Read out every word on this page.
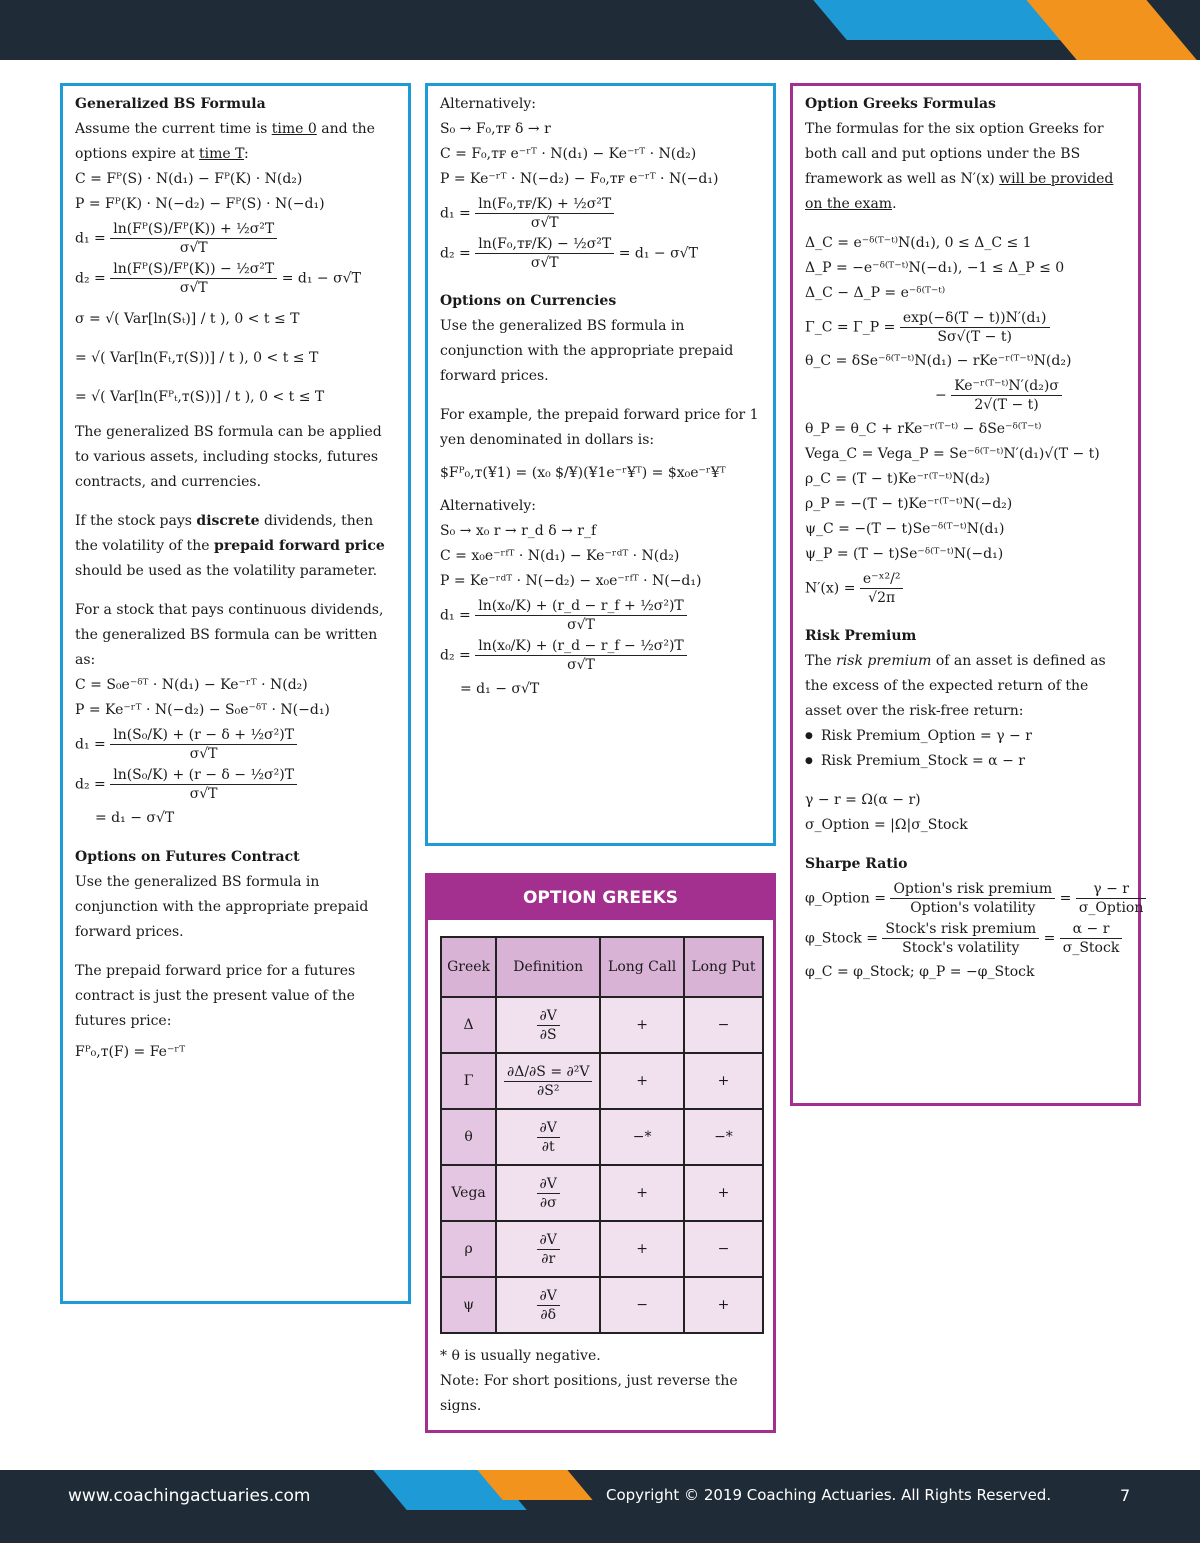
Generalized BS Formula

Assume the current time is time 0 and the options expire at time T:

C = Fᴾ(S) · N(d₁) − Fᴾ(K) · N(d₂)

P = Fᴾ(K) · N(−d₂) − Fᴾ(S) · N(−d₁)

$d_1 = \frac{\text{ln(Fᴾ(S)/Fᴾ(K)) + ½σ²T}}{\sigma√T}$
$d_2 = \frac{\text{ln(Fᴾ(S)/Fᴾ(K)) − ½σ²T}}{\sigma√T} = d_1 - \sigma√T$

σ = √( Var[ln(Sₜ)] / t ), 0 < t ≤ T

= √( Var[ln(Fₜ,ᴛ(S))] / t ), 0 < t ≤ T

= √( Var[ln(Fᴾₜ,ᴛ(S))] / t ), 0 < t ≤ T

The generalized BS formula can be applied to various assets, including stocks, futures contracts, and currencies.

If the stock pays discrete dividends, then the volatility of the prepaid forward price should be used as the volatility parameter.

For a stock that pays continuous dividends, the generalized BS formula can be written as:

C = S₀e⁻ᵟᵀ · N(d₁) − Ke⁻ʳᵀ · N(d₂)

P = Ke⁻ʳᵀ · N(−d₂) − S₀e⁻ᵟᵀ · N(−d₁)

$d_1 = \frac{\text{ln(S₀/K) + (r − δ + ½σ²)T}}{\sigma√T}$
$d_2 = \frac{\text{ln(S₀/K) + (r − δ − ½σ²)T}}{\sigma√T}$

= d₁ − σ√T

Options on Futures Contract

Use the generalized BS formula in conjunction with the appropriate prepaid forward prices.

The prepaid forward price for a futures contract is just the present value of the futures price:

Fᴾ₀,ᴛ(F) = Fe⁻ʳᵀ

Alternatively:

S₀ → F₀,ᴛꜰ δ → r

C = F₀,ᴛꜰ e⁻ʳᵀ · N(d₁) − Ke⁻ʳᵀ · N(d₂)

P = Ke⁻ʳᵀ · N(−d₂) − F₀,ᴛꜰ e⁻ʳᵀ · N(−d₁)

$d_1 = \frac{\text{ln(F₀,ᴛꜰ/K) + ½σ²T}}{\sigma√T}$
$d_2 = \frac{\text{ln(F₀,ᴛꜰ/K) − ½σ²T}}{\sigma√T} = d_1 - \sigma√T$

Options on Currencies

Use the generalized BS formula in conjunction with the appropriate prepaid forward prices.

For example, the prepaid forward price for 1 yen denominated in dollars is:

$Fᴾ₀,ᴛ(¥1) = (x₀ $/¥)(¥1e⁻ʳ¥ᵀ) = $x₀e⁻ʳ¥ᵀ

Alternatively:

S₀ → x₀ r → r_d δ → r_f

C = x₀e⁻ʳᶠᵀ · N(d₁) − Ke⁻ʳᵈᵀ · N(d₂)

P = Ke⁻ʳᵈᵀ · N(−d₂) − x₀e⁻ʳᶠᵀ · N(−d₁)

$d_1 = \frac{\text{ln(x₀/K) + (r\_d − r\_f + ½σ²)T}}{\sigma√T}$
$d_2 = \frac{\text{ln(x₀/K) + (r\_d − r\_f − ½σ²)T}}{\sigma√T}$

= d₁ − σ√T

OPTION GREEKS
Greek	Definition	Long Call	Long Put
Δ	$\frac{\partial V}{\partial S}$	+	−
Γ	$\frac{\text{∂Δ/∂S = ∂²V}}{\text{∂S²}}$	+	+
θ	$\frac{\partial V}{\partial t}$	−*	−*
Vega	$\frac{\partial V}{\partial\sigma}$	+	+
ρ	$\frac{\partial V}{\partial r}$	+	−
ψ	$\frac{\partial V}{\partial\delta}$	−	+

* θ is usually negative.

Note: For short positions, just reverse the signs.

Option Greeks Formulas

The formulas for the six option Greeks for both call and put options under the BS framework as well as N′(x) will be provided on the exam.

Δ_C = e⁻ᵟ⁽ᵀ⁻ᵗ⁾N(d₁), 0 ≤ Δ_C ≤ 1

Δ_P = −e⁻ᵟ⁽ᵀ⁻ᵗ⁾N(−d₁), −1 ≤ Δ_P ≤ 0

Δ_C − Δ_P = e⁻ᵟ⁽ᵀ⁻ᵗ⁾

Γ_C = Γ_P = $\frac{\text{exp(−δ(T − t))N′(d₁)}}{S\sigma√(T - t)}$

θ_C = δSe⁻ᵟ⁽ᵀ⁻ᵗ⁾N(d₁) − rKe⁻ʳ⁽ᵀ⁻ᵗ⁾N(d₂)

− $\frac{\text{Ke⁻ʳ⁽ᵀ⁻ᵗ⁾N′(d₂)σ}}{2√(T - t)}$

θ_P = θ_C + rKe⁻ʳ⁽ᵀ⁻ᵗ⁾ − δSe⁻ᵟ⁽ᵀ⁻ᵗ⁾

Vega_C = Vega_P = Se⁻ᵟ⁽ᵀ⁻ᵗ⁾N′(d₁)√(T − t)

ρ_C = (T − t)Ke⁻ʳ⁽ᵀ⁻ᵗ⁾N(d₂)

ρ_P = −(T − t)Ke⁻ʳ⁽ᵀ⁻ᵗ⁾N(−d₂)

ψ_C = −(T − t)Se⁻ᵟ⁽ᵀ⁻ᵗ⁾N(d₁)

ψ_P = (T − t)Se⁻ᵟ⁽ᵀ⁻ᵗ⁾N(−d₁)

$N'(x) = \frac{\text{e⁻ˣ²/²}}{√2\pi}$

Risk Premium

The risk premium of an asset is defined as the excess of the expected return of the asset over the risk-free return:

● Risk Premium_Option = γ − r
● Risk Premium_Stock = α − r

γ − r = Ω(α − r)

σ_Option = |Ω|σ_Stock

Sharpe Ratio

φ_Option = $\frac{\text{Option's risk premium}}{\text{Option's volatility}} = \frac{\gamma - r}{\text{σ\_Option}}$
φ_Stock = $\frac{\text{Stock's risk premium}}{\text{Stock's volatility}} = \frac{\alpha - r}{\text{σ\_Stock}}$

φ_C = φ_Stock; φ_P = −φ_Stock

www.coachingactuaries.com	Copyright © 2019 Coaching Actuaries. All Rights Reserved.	7
